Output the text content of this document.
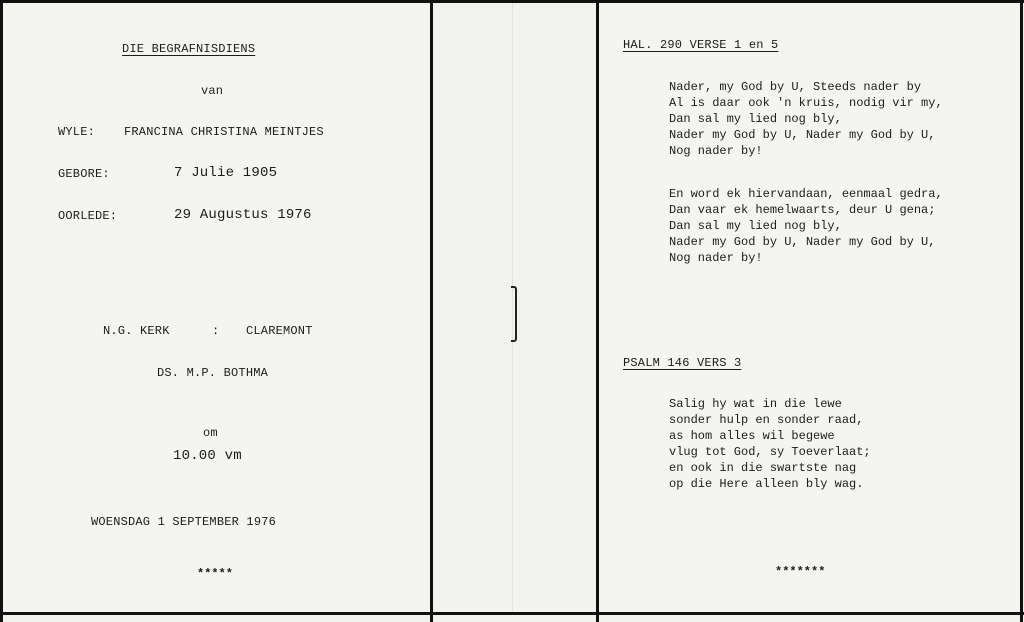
DIE BEGRAFNISDIENS
van
WYLE: FRANCINA CHRISTINA MEINTJES
GEBORE:	7 Julie 1905
OORLEDE:	29 Augustus 1976
N.G. KERK	: CLAREMONT
DS. M.P. BOTHMA
om
10.00 vm
WOENSDAG 1 SEPTEMBER 1976
*****
HAL. 290 VERSE 1 en 5
Nader, my God by U, Steeds nader by
Al is daar ook 'n kruis, nodig vir my,
Dan sal my lied nog bly,
Nader my God by U, Nader my God by U,
Nog nader by!
En word ek hiervandaan, eenmaal gedra,
Dan vaar ek hemelwaarts, deur U gena;
Dan sal my lied nog bly,
Nader my God by U, Nader my God by U,
Nog nader by!
PSALM 146 VERS 3
Salig hy wat in die lewe
sonder hulp en sonder raad,
as hom alles wil begewe
vlug tot God, sy Toeverlaat;
en ook in die swartste nag
op die Here alleen bly wag.
*******
